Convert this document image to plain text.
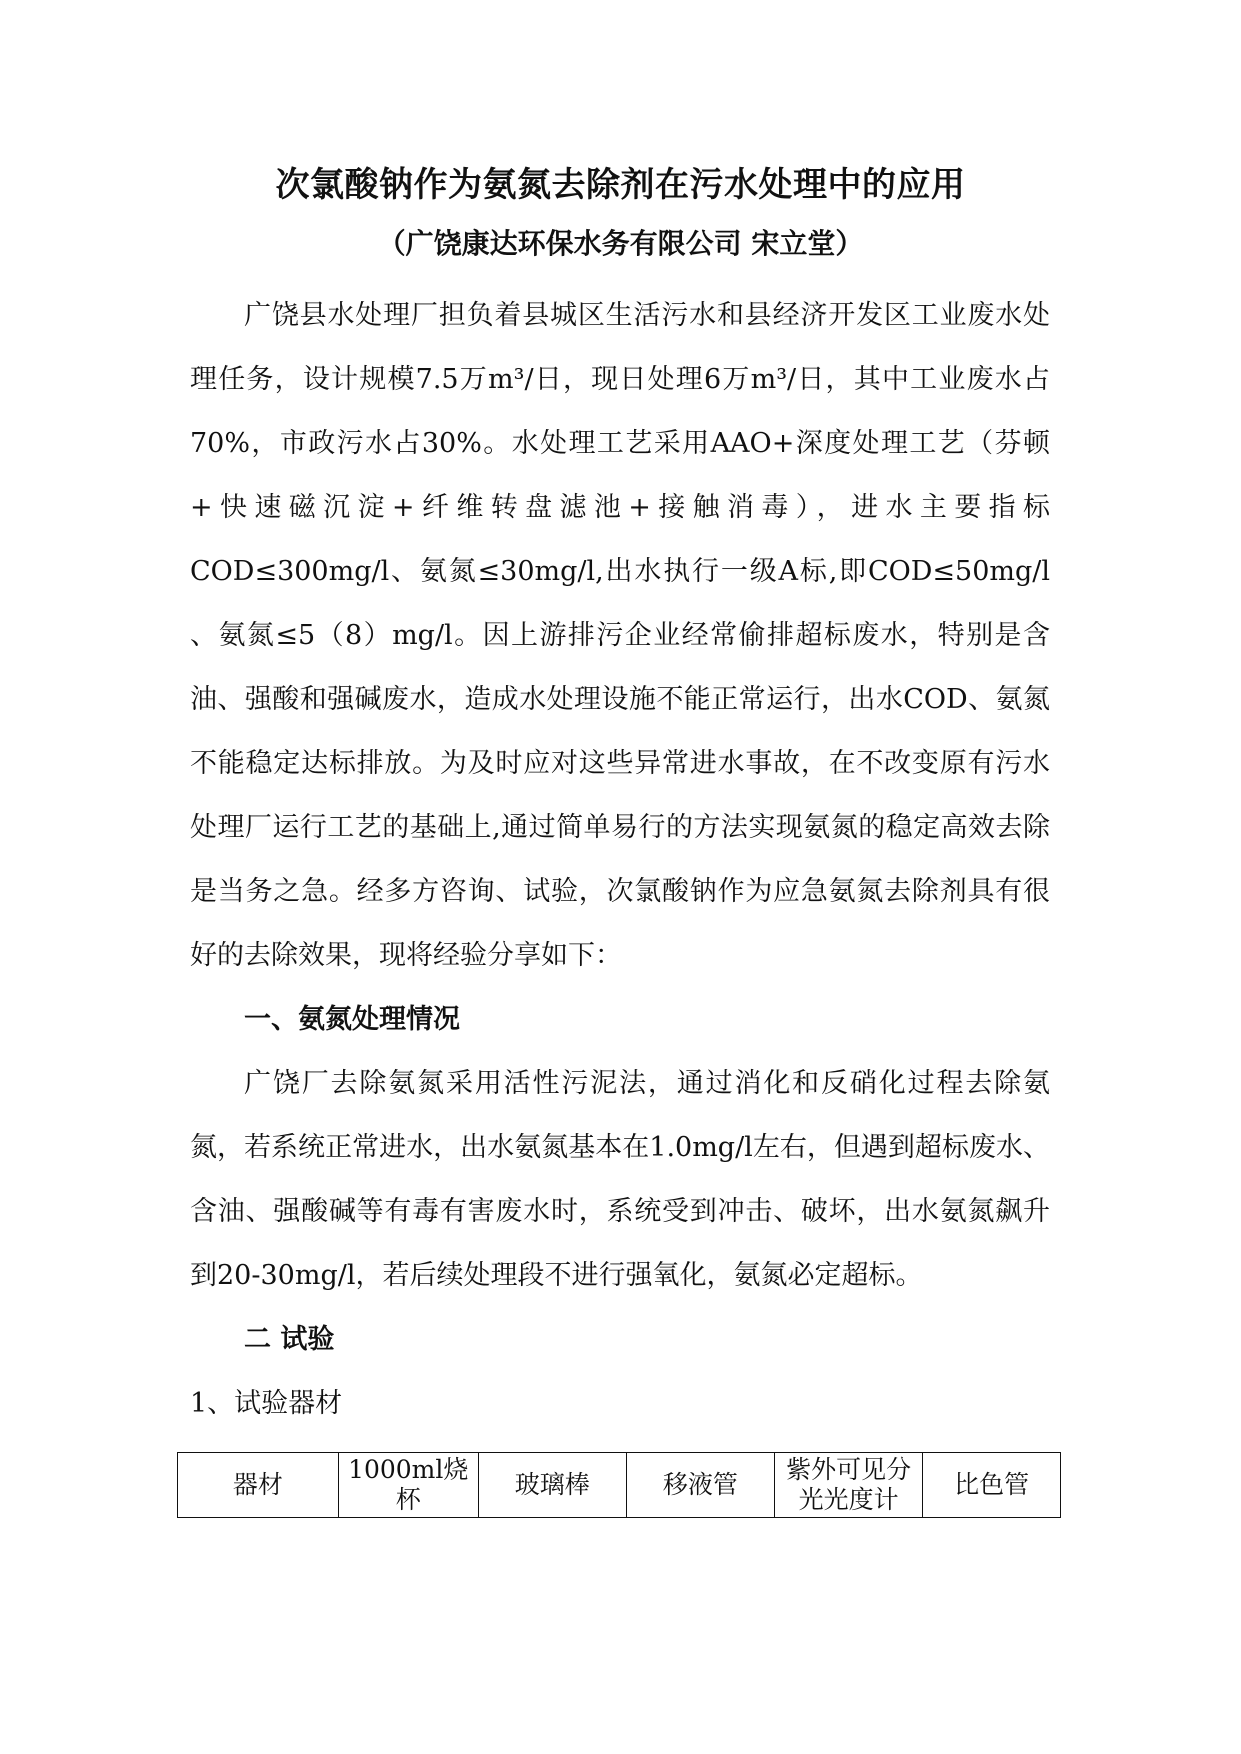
次氯酸钠作为氨氮去除剂在污水处理中的应用
（广饶康达环保水务有限公司 宋立堂）

广饶县水处理厂担负着县城区生活污水和县经济开发区工业废水处理任务，设计规模7.5万m³/日，现日处理6万m³/日，其中工业废水占70%，市政污水占30%。水处理工艺采用AAO+深度处理工艺（芬顿+快速磁沉淀+纤维转盘滤池+接触消毒），进水主要指标COD≤300mg/l、氨氮≤30mg/l,出水执行一级A标,即COD≤50mg/l 、氨氮≤5（8）mg/l。因上游排污企业经常偷排超标废水，特别是含油、强酸和强碱废水，造成水处理设施不能正常运行，出水COD、氨氮不能稳定达标排放。为及时应对这些异常进水事故，在不改变原有污水处理厂运行工艺的基础上,通过简单易行的方法实现氨氮的稳定高效去除是当务之急。经多方咨询、试验，次氯酸钠作为应急氨氮去除剂具有很好的去除效果，现将经验分享如下：

一、氨氮处理情况

广饶厂去除氨氮采用活性污泥法，通过消化和反硝化过程去除氨氮，若系统正常进水，出水氨氮基本在1.0mg/l左右，但遇到超标废水、含油、强酸碱等有毒有害废水时，系统受到冲击、破坏，出水氨氮飙升到20-30mg/l，若后续处理段不进行强氧化，氨氮必定超标。

二 试验

1、试验器材

器材	1000ml烧杯	玻璃棒	移液管	紫外可见分光光度计	比色管
